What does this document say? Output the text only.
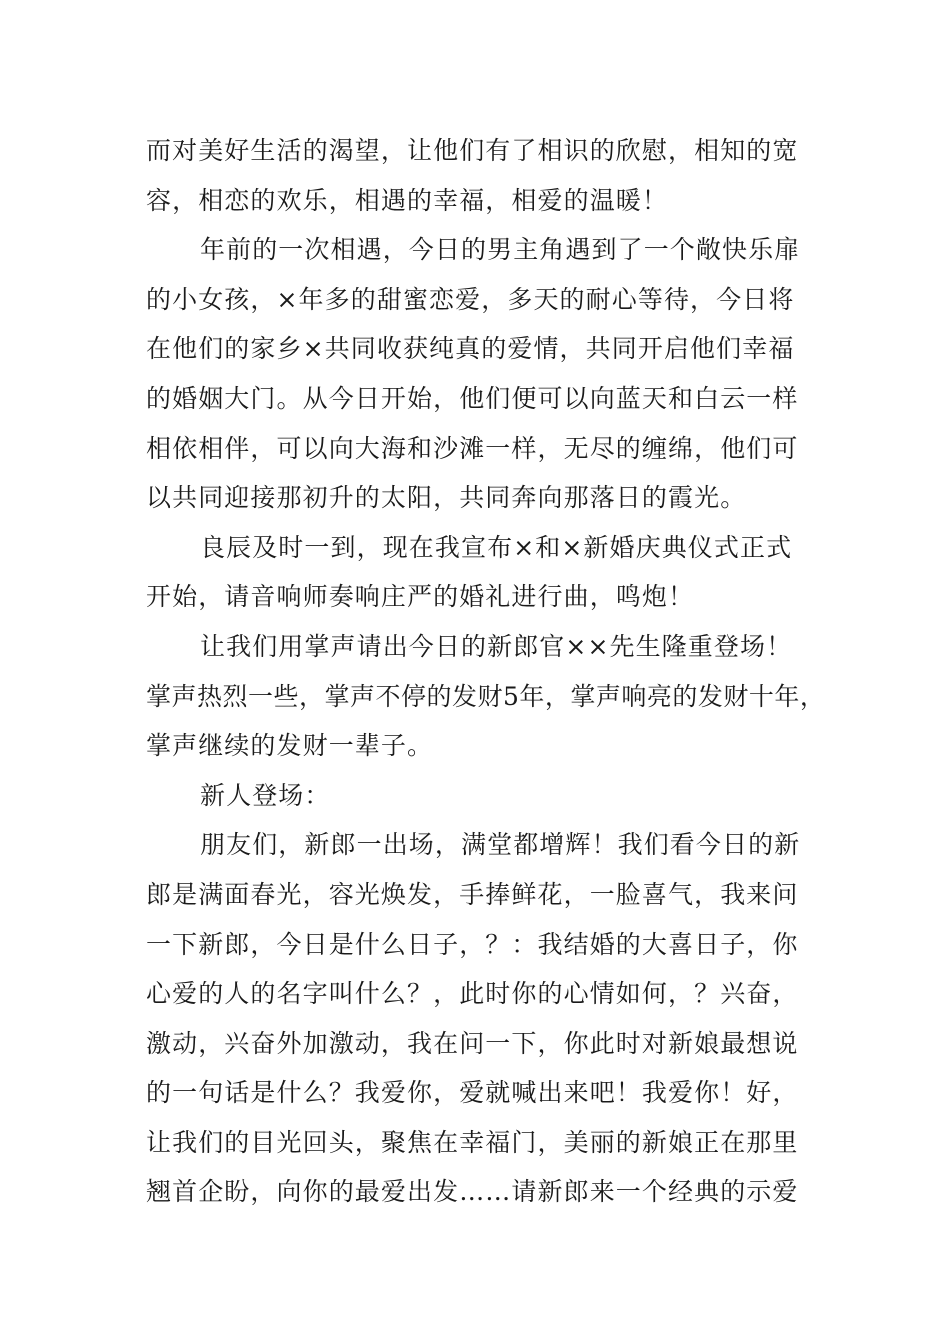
而对美好生活的渴望，让他们有了相识的欣慰，相知的宽

容，相恋的欢乐，相遇的幸福，相爱的温暖！

年前的一次相遇，今日的男主角遇到了一个敞快乐扉

的小女孩，×年多的甜蜜恋爱，多天的耐心等待，今日将

在他们的家乡×共同收获纯真的爱情，共同开启他们幸福

的婚姻大门。从今日开始，他们便可以向蓝天和白云一样

相依相伴，可以向大海和沙滩一样，无尽的缠绵，他们可

以共同迎接那初升的太阳，共同奔向那落日的霞光。

良辰及时一到，现在我宣布×和×新婚庆典仪式正式

开始，请音响师奏响庄严的婚礼进行曲，鸣炮！

让我们用掌声请出今日的新郎官××先生隆重登场！

掌声热烈一些，掌声不停的发财5年，掌声响亮的发财十年，

掌声继续的发财一辈子。

新人登场：

朋友们，新郎一出场，满堂都增辉！我们看今日的新

郎是满面春光，容光焕发，手捧鲜花，一脸喜气，我来问

一下新郎，今日是什么日子，？：我结婚的大喜日子，你

心爱的人的名字叫什么？，此时你的心情如何，？兴奋，

激动，兴奋外加激动，我在问一下，你此时对新娘最想说

的一句话是什么？我爱你，爱就喊出来吧！我爱你！好，

让我们的目光回头，聚焦在幸福门，美丽的新娘正在那里

翘首企盼，向你的最爱出发……请新郎来一个经典的示爱
